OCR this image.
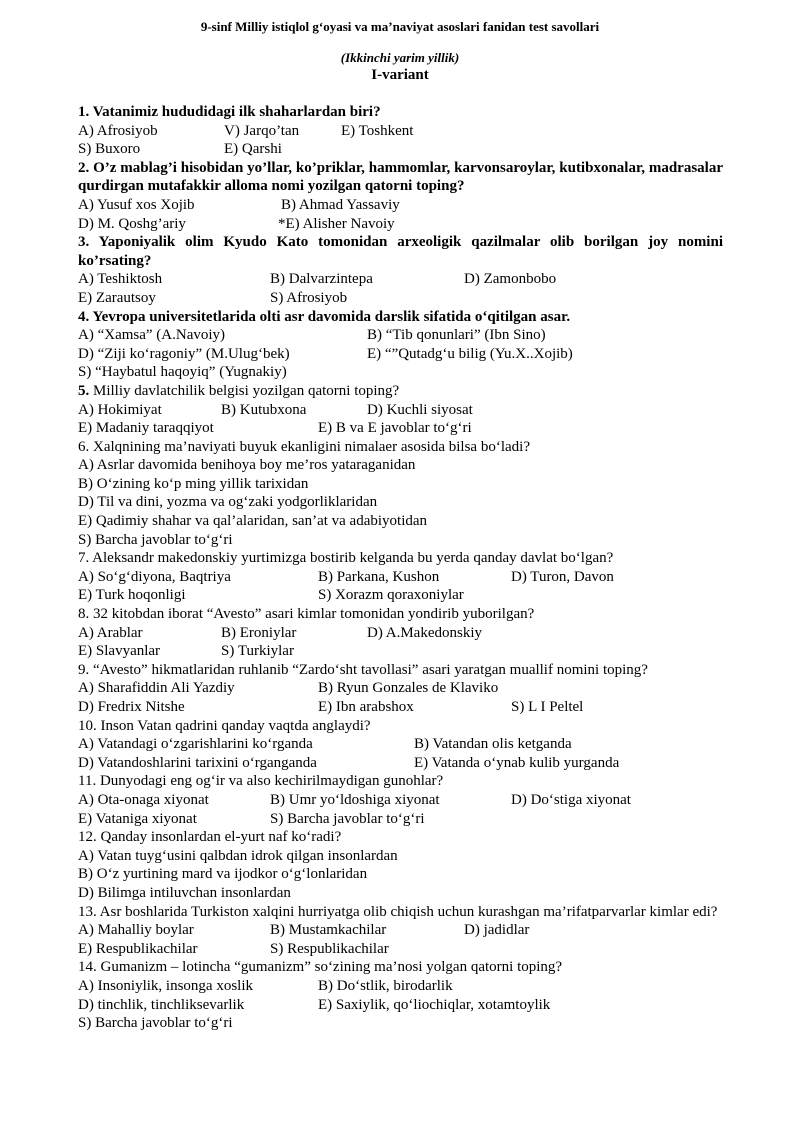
9-sinf Milliy istiqlol g‘oyasi va ma’naviyat asoslari fanidan test savollari
(Ikkinchi yarim yillik)
I-variant
1. Vatanimiz hududidagi ilk shaharlardan biri?
A) Afrosiyob	V) Jarqo’tan	E) Toshkent
S) Buxoro	E) Qarshi
2. O’z mablag’i hisobidan yo’llar, ko’priklar, hammomlar, karvonsaroylar, kutibxonalar, madrasalar qurdirgan mutafakkir alloma nomi yozilgan qatorni toping?
A) Yusuf xos Xojib	B) Ahmad Yassaviy
D) M. Qoshg’ariy	*E) Alisher Navoiy
3. Yaponiyalik olim Kyudo Kato tomonidan arxeoligik qazilmalar olib borilgan joy nomini ko’rsating?
A) Teshiktosh	B) Dalvarzintepa	D) Zamonbobo
E) Zarautsoy	S) Afrosiyob
4. Yevropa universitetlarida olti asr davomida darslik sifatida o‘qitilgan asar.
A) “Xamsa” (A.Navoiy)	B) “Tib qonunlari” (Ibn Sino)
D) “Ziji ko‘ragoniy” (M.Ulug‘bek)	E) “”Qutadg‘u bilig (Yu.X..Xojib)
S) “Haybatul haqoyiq” (Yugnakiy)
5. Milliy davlatchilik belgisi yozilgan qatorni toping?
A) Hokimiyat	B) Kutubxona	D) Kuchli siyosat
E) Madaniy taraqqiyot	E) B va E javoblar to‘g‘ri
6. Xalqnining ma’naviyati buyuk ekanligini nimalaer asosida bilsa bo‘ladi?
A) Asrlar davomida benihoya boy me’ros yataraganidan
B) O‘zining ko‘p ming yillik tarixidan
D) Til va dini, yozma va og‘zaki yodgorliklaridan
E) Qadimiy shahar va qal’alaridan, san’at va adabiyotidan
S) Barcha javoblar to‘g‘ri
7. Aleksandr makedonskiy yurtimizga bostirib kelganda bu yerda qanday davlat bo‘lgan?
A) So‘g‘diyona, Baqtriya	B) Parkana, Kushon	D) Turon, Davon
E) Turk hoqonligi	S) Xorazm qoraxoniylar
8. 32 kitobdan iborat “Avesto” asari kimlar tomonidan yondirib yuborilgan?
A) Arablar	B) Eroniylar	D) A.Makedonskiy
E) Slavyanlar	S) Turkiylar
9. “Avesto” hikmatlaridan ruhlanib “Zardo‘sht tavollasi” asari yaratgan muallif nomini toping?
A) Sharafiddin Ali Yazdiy	B) Ryun Gonzales de Klaviko
D) Fredrix Nitshe	E) Ibn arabshox	S) L I Peltel
10. Inson Vatan qadrini qanday vaqtda anglaydi?
A) Vatandagi o‘zgarishlarini ko‘rganda	B) Vatandan olis ketganda
D) Vatandoshlarini tarixini o‘rganganda	E) Vatanda o‘ynab kulib yurganda
11. Dunyodagi eng og‘ir va also kechirilmaydigan gunohlar?
A) Ota-onaga xiyonat	B) Umr yo‘ldoshiga xiyonat	D) Do‘stiga xiyonat
E) Vataniga xiyonat	S) Barcha javoblar to‘g‘ri
12. Qanday insonlardan el-yurt naf ko‘radi?
A) Vatan tuyg‘usini qalbdan idrok qilgan insonlardan
B) O‘z yurtining mard va ijodkor o‘g‘lonlaridan
D) Bilimga intiluvchan insonlardan
13. Asr boshlarida Turkiston xalqini hurriyatga olib chiqish uchun kurashgan ma’rifatparvarlar kimlar edi?
A) Mahalliy boylar	B) Mustamkachilar	D) jadidlar
E) Respublikachilar	S) Respublikachilar
14. Gumanizm – lotincha “gumanizm” so‘zining ma’nosi yolgan qatorni toping?
A) Insoniylik, insonga xoslik	B) Do‘stlik, birodarlik
D) tinchlik, tinchliksevarlik	E) Saxiylik, qo‘liochiqlar, xotamtoylik
S) Barcha javoblar to‘g‘ri
